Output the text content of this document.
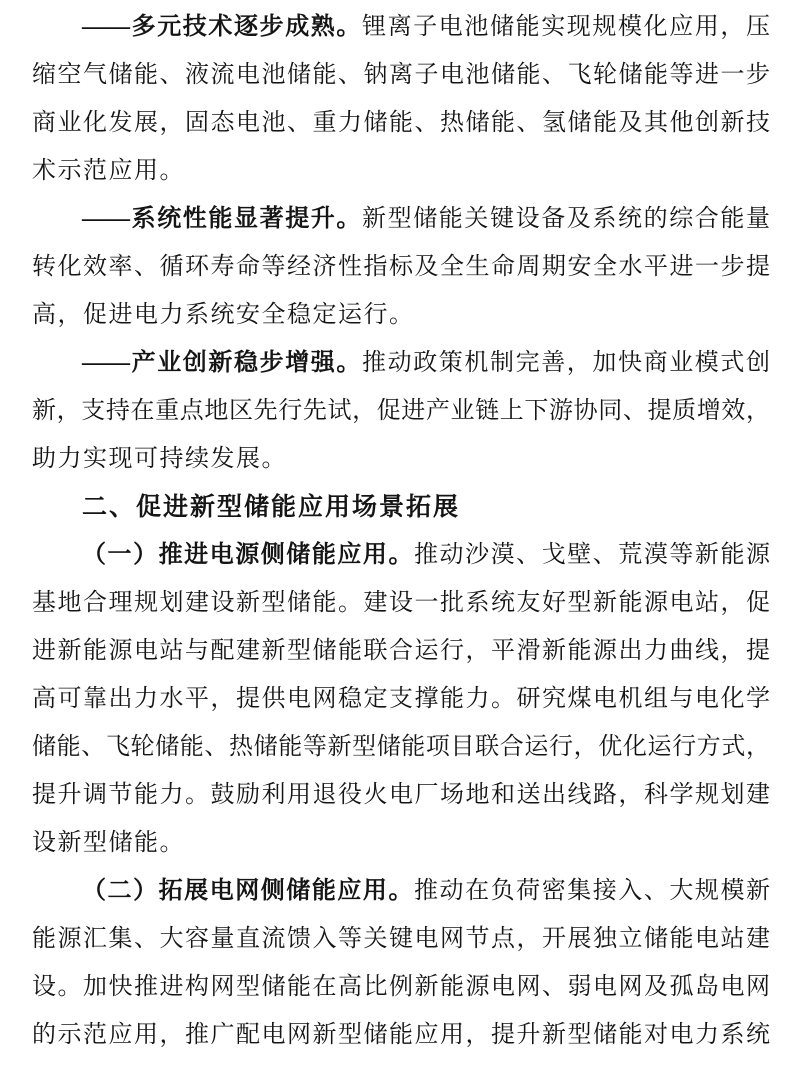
——多元技术逐步成熟。锂离子电池储能实现规模化应用，压
缩空气储能、液流电池储能、钠离子电池储能、飞轮储能等进一步
商业化发展，固态电池、重力储能、热储能、氢储能及其他创新技
术示范应用。
——系统性能显著提升。新型储能关键设备及系统的综合能量
转化效率、循环寿命等经济性指标及全生命周期安全水平进一步提
高，促进电力系统安全稳定运行。
——产业创新稳步增强。推动政策机制完善，加快商业模式创
新，支持在重点地区先行先试，促进产业链上下游协同、提质增效，
助力实现可持续发展。
二、促进新型储能应用场景拓展
（一）推进电源侧储能应用。推动沙漠、戈壁、荒漠等新能源
基地合理规划建设新型储能。建设一批系统友好型新能源电站，促
进新能源电站与配建新型储能联合运行，平滑新能源出力曲线，提
高可靠出力水平，提供电网稳定支撑能力。研究煤电机组与电化学
储能、飞轮储能、热储能等新型储能项目联合运行，优化运行方式，
提升调节能力。鼓励利用退役火电厂场地和送出线路，科学规划建
设新型储能。
（二）拓展电网侧储能应用。推动在负荷密集接入、大规模新
能源汇集、大容量直流馈入等关键电网节点，开展独立储能电站建
设。加快推进构网型储能在高比例新能源电网、弱电网及孤岛电网
的示范应用，推广配电网新型储能应用，提升新型储能对电力系统
